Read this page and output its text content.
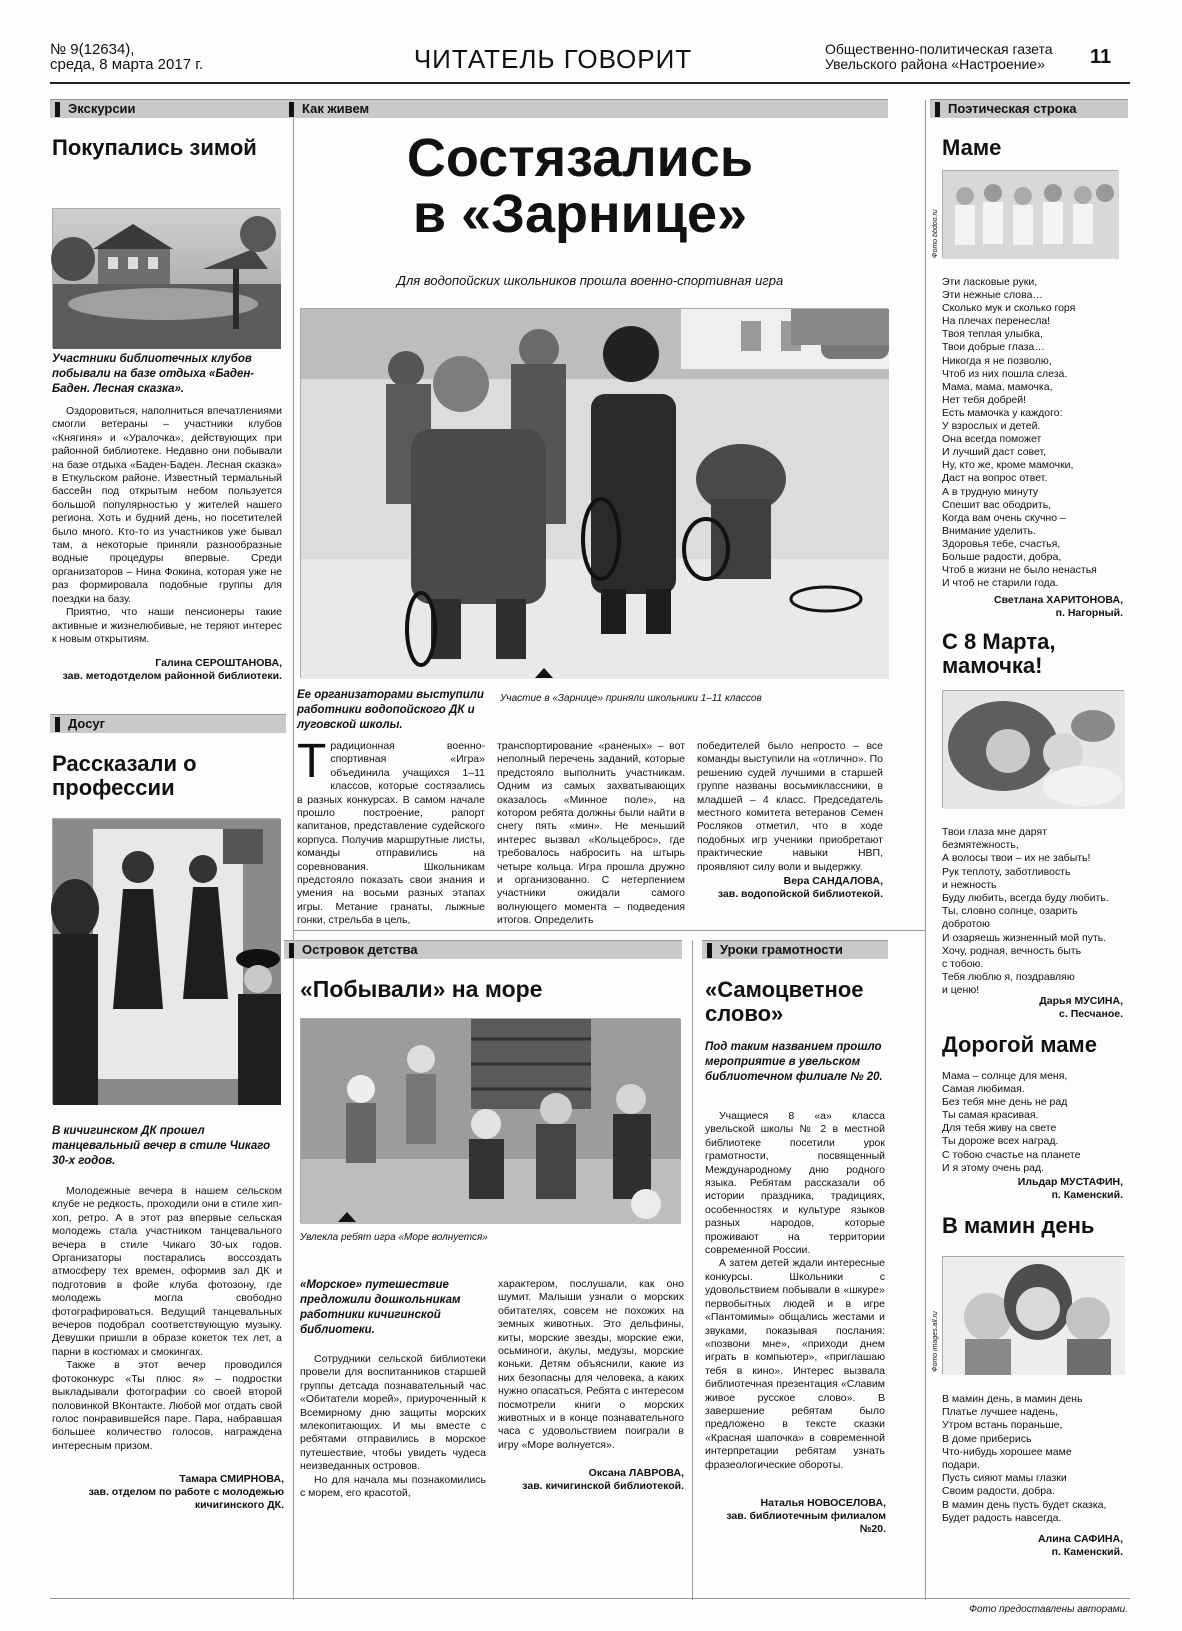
№ 9(12634),
среда, 8 марта 2017 г.	ЧИТАТЕЛЬ ГОВОРИТ	Общественно-политическая газета
Увельского района «Настроение»	11
Экскурсии
Покупались зимой
Участники библиотечных клубов побывали на базе отдыха «Баден-Баден. Лесная сказка».

Оздоровиться, наполниться впечатлениями смогли ветераны – участники клубов «Княгиня» и «Уралочка», действующих при районной библиотеке. Недавно они побывали на базе отдыха «Баден-Баден. Лесная сказка» в Еткульском районе. Известный термальный бассейн под открытым небом пользуется большой популярностью у жителей нашего региона. Хоть и будний день, но посетителей было много. Кто-то из участников уже бывал там, а некоторые приняли разнообразные водные процедуры впервые. Среди организаторов – Нина Фокина, которая уже не раз формировала подобные группы для поездки на базу.

Приятно, что наши пенсионеры такие активные и жизнелюбивые, не теряют интерес к новым открытиям.

Галина СЕРОШТАНОВА,
зав. методотделом районной библиотеки.
Досуг
Рассказали о профессии
В кичигинском ДК прошел танцевальный вечер в стиле Чикаго 30-х годов.

Молодежные вечера в нашем сельском клубе не редкость, проходили они в стиле хип-хоп, ретро. А в этот раз впервые сельская молодежь стала участником танцевального вечера в стиле Чикаго 30-ых годов. Организаторы постарались воссоздать атмосферу тех времен, оформив зал ДК и подготовив в фойе клуба фотозону, где молодежь могла свободно фотографироваться. Ведущий танцевальных вечеров подобрал соответствующую музыку. Девушки пришли в образе кокеток тех лет, а парни в костюмах и смокингах.

Также в этот вечер проводился фотоконкурс «Ты плюс я» – подростки выкладывали фотографии со своей второй половинкой ВКонтакте. Любой мог отдать свой голос понравившейся паре. Пара, набравшая большее количество голосов, награждена интересным призом.

Тамара СМИРНОВА,
зав. отделом по работе с молодежью кичигинского ДК.
Как живем
Состязались
в «Зарнице»
Для водопойских школьников прошла военно-спортивная игра
Ее организаторами выступили работники водопойского ДК и луговской школы.
Участие в «Зарнице» приняли школьники 1–11 классов
Традиционная военно-спортивная «Игра» объединила учащихся 1–11 классов, которые состязались в разных конкурсах. В самом начале прошло построение, рапорт капитанов, представление судейского корпуса. Получив маршрутные листы, команды отправились на соревнования. Школьникам предстояло показать свои знания и умения на восьми разных этапах игры. Метание гранаты, лыжные гонки, стрельба в цель,
транспортирование «раненых» – вот неполный перечень заданий, которые предстояло выполнить участникам. Одним из самых захватывающих оказалось «Минное поле», на котором ребята должны были найти в снегу пять «мин». Не меньший интерес вызвал «Кольцеброс», где требовалось набросить на штырь четыре кольца. Игра прошла дружно и организованно. С нетерпением участники ожидали самого волнующего момента – подведения итогов. Определить
победителей было непросто – все команды выступили на «отлично». По решению судей лучшими в старшей группе названы восьмиклассники, в младшей – 4 класс. Председатель местного комитета ветеранов Семен Росляков отметил, что в ходе подобных игр ученики приобретают практические навыки НВП, проявляют силу воли и выдержку.
Вера САНДАЛОВА,
зав. водопойской библиотекой.
Островок детства
«Побывали» на море
Увлекла ребят игра «Море волнуется»
«Морское» путешествие предложили дошкольникам работники кичигинской библиотеки.

Сотрудники сельской библиотеки провели для воспитанников старшей группы детсада познавательный час «Обитатели морей», приуроченный к Всемирному дню защиты морских млекопитающих. И мы вместе с ребятами отправились в морское путешествие, чтобы увидеть чудеса неизведанных островов.

Но для начала мы познакомились с морем, его красотой,

характером, послушали, как оно шумит. Малыши узнали о морских обитателях, совсем не похожих на земных животных. Это дельфины, киты, морские звезды, морские ежи, осьминоги, акулы, медузы, морские коньки. Детям объяснили, какие из них безопасны для человека, а каких нужно опасаться. Ребята с интересом посмотрели книги о морских животных и в конце познавательного часа с удовольствием поиграли в игру «Море волнуется».
Оксана ЛАВРОВА,
зав. кичигинской библиотекой.
Уроки грамотности
«Самоцветное слово»
Под таким названием прошло мероприятие в увельском библиотечном филиале № 20.

Учащиеся 8 «а» класса увельской школы № 2 в местной библиотеке посетили урок грамотности, посвященный Международному дню родного языка. Ребятам рассказали об истории праздника, традициях, особенностях и культуре языков разных народов, которые проживают на территории современной России.

А затем детей ждали интересные конкурсы. Школьники с удовольствием побывали в «шкуре» первобытных людей и в игре «Пантомимы» общались жестами и звуками, показывая послания: «позвони мне», «приходи днем играть в компьютер», «приглашаю тебя в кино». Интерес вызвала библиотечная презентация «Славим живое русское слово». В завершение ребятам было предложено в тексте сказки «Красная шапочка» в современной интерпретации ребятам узнать фразеологические обороты.

Наталья НОВОСЕЛОВА,
зав. библиотечным филиалом №20.
Поэтическая строка
Маме
Фото bbdoo.ru
Эти ласковые руки,
Эти нежные слова…
Сколько мук и сколько горя
На плечах перенесла!
Твоя теплая улыбка,
Твои добрые глаза…
Никогда я не позволю,
Чтоб из них пошла слеза.
Мама, мама, мамочка,
Нет тебя добрей!
Есть мамочка у каждого:
У взрослых и детей.
Она всегда поможет
И лучший даст совет,
Ну, кто же, кроме мамочки,
Даст на вопрос ответ.
А в трудную минуту
Спешит вас ободрить,
Когда вам очень скучно –
Внимание уделить.
Здоровья тебе, счастья,
Больше радости, добра,
Чтоб в жизни не было ненастья
И чтоб не старили года.
Светлана ХАРИТОНОВА,
п. Нагорный.
С 8 Марта, мамочка!
Твои глаза мне дарят
безмятежность,
А волосы твои – их не забыть!
Рук теплоту, заботливость
и нежность
Буду любить, всегда буду любить.
Ты, словно солнце, озарить
добротою
И озаряешь жизненный мой путь.
Хочу, родная, вечность быть
с тобою.
Тебя люблю я, поздравляю
и ценю!
Дарья МУСИНА,
с. Песчаное.
Дорогой маме
Мама – солнце для меня,
Самая любимая.
Без тебя мне день не рад
Ты самая красивая.
Для тебя живу на свете
Ты дороже всех наград.
С тобою счастье на планете
И я этому очень рад.
Ильдар МУСТАФИН,
п. Каменский.
В мамин день
Фото images.all.ru
В мамин день, в мамин день
Платье лучшее надень,
Утром встань пораньше,
В доме приберись
Что-нибудь хорошее маме
подари.
Пусть сияют мамы глазки
Своим радости, добра.
В мамин день пусть будет сказка,
Будет радость навсегда.
Алина САФИНА,
п. Каменский.
Фото предоставлены авторами.
